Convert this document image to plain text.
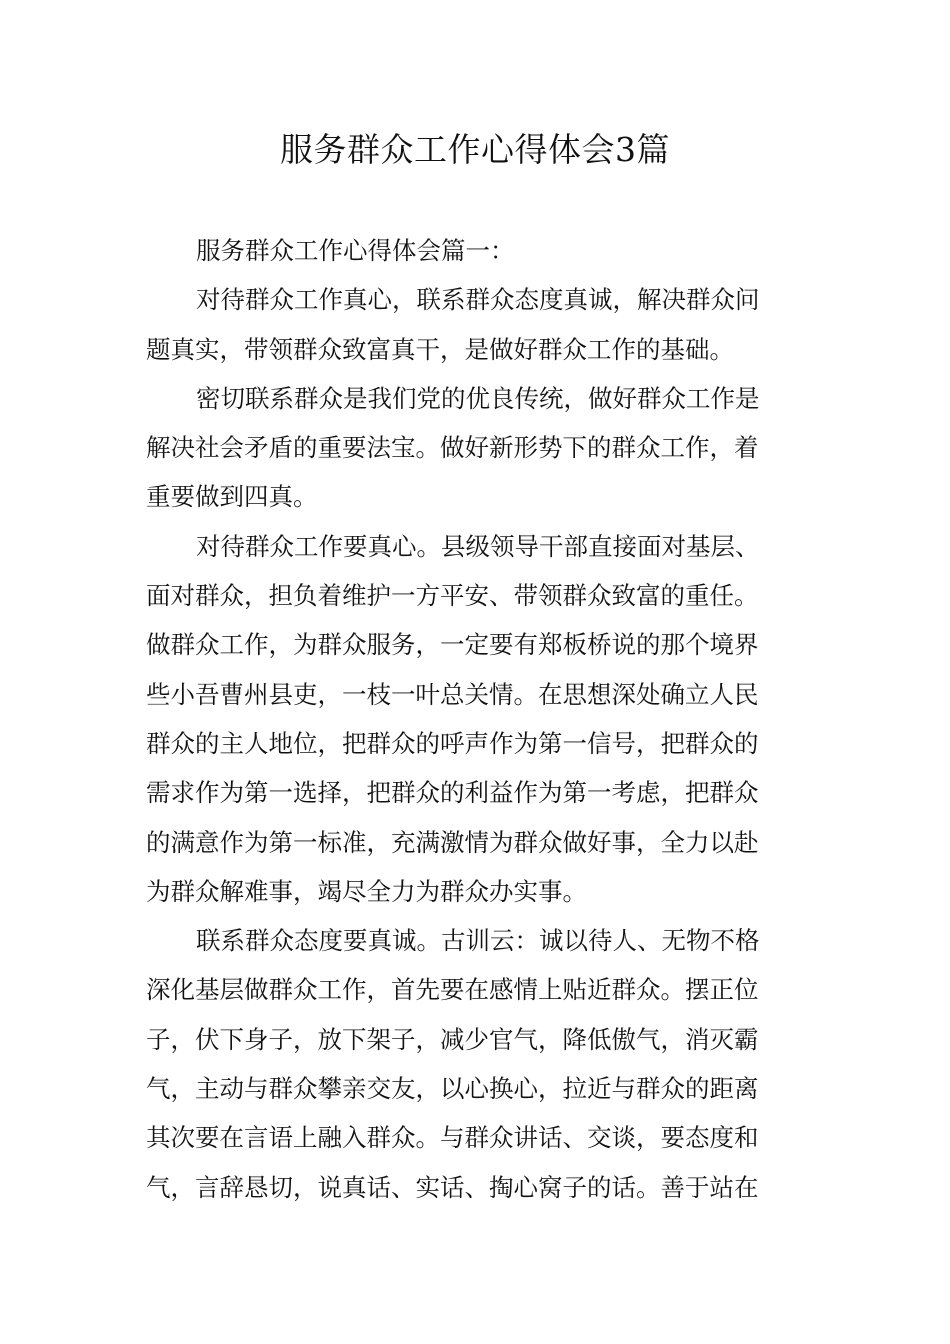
服务群众工作心得体会3篇
服务群众工作心得体会篇一：
对待群众工作真心，联系群众态度真诚，解决群众问
题真实，带领群众致富真干，是做好群众工作的基础。
密切联系群众是我们党的优良传统，做好群众工作是
解决社会矛盾的重要法宝。做好新形势下的群众工作，着
重要做到四真。
对待群众工作要真心。县级领导干部直接面对基层、
面对群众，担负着维护一方平安、带领群众致富的重任。
做群众工作，为群众服务，一定要有郑板桥说的那个境界
些小吾曹州县吏，一枝一叶总关情。在思想深处确立人民
群众的主人地位，把群众的呼声作为第一信号，把群众的
需求作为第一选择，把群众的利益作为第一考虑，把群众
的满意作为第一标准，充满激情为群众做好事，全力以赴
为群众解难事，竭尽全力为群众办实事。
联系群众态度要真诚。古训云：诚以待人、无物不格
深化基层做群众工作，首先要在感情上贴近群众。摆正位
子，伏下身子，放下架子，减少官气，降低傲气，消灭霸
气，主动与群众攀亲交友，以心换心，拉近与群众的距离
其次要在言语上融入群众。与群众讲话、交谈，要态度和
气，言辞恳切，说真话、实话、掏心窝子的话。善于站在
